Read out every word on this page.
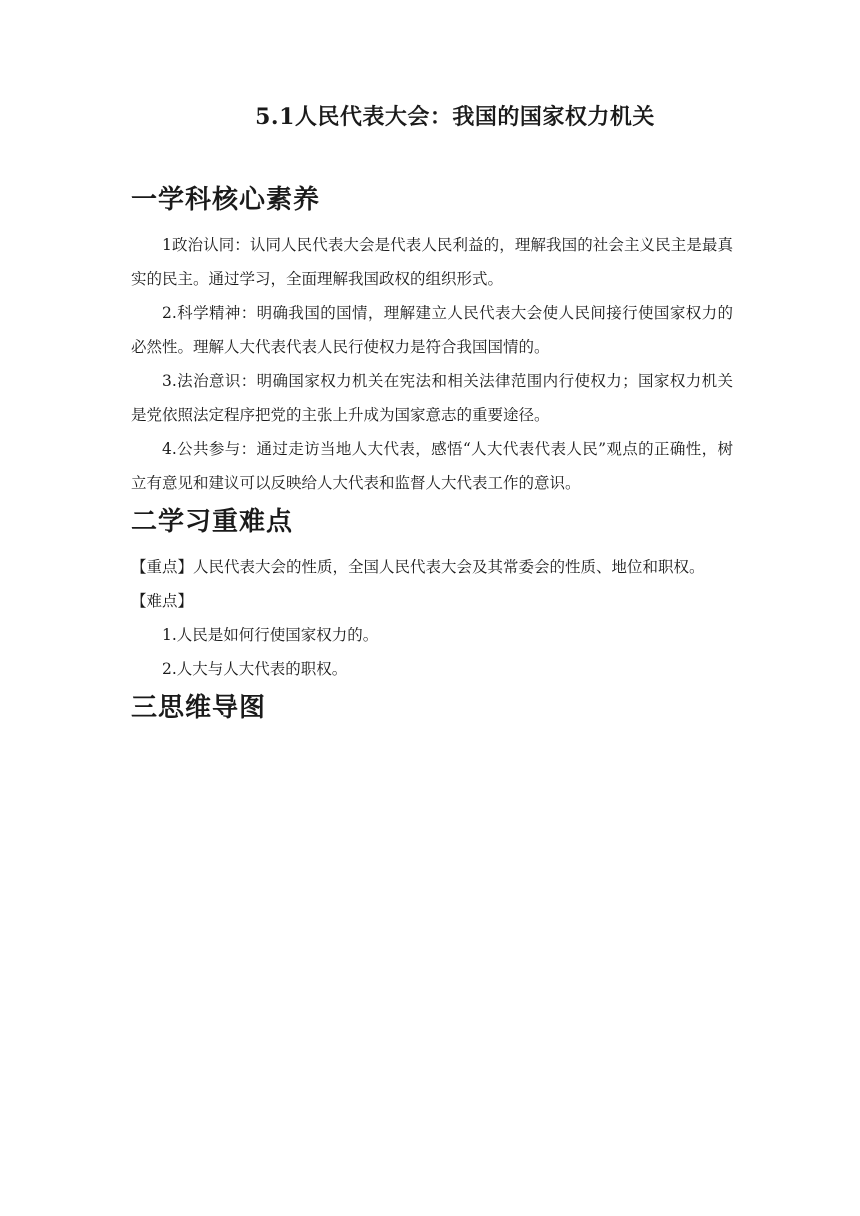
5.1人民代表大会：我国的国家权力机关
一学科核心素养

1政治认同：认同人民代表大会是代表人民利益的，理解我国的社会主义民主是最真实的民主。通过学习，全面理解我国政权的组织形式。

2.科学精神：明确我国的国情，理解建立人民代表大会使人民间接行使国家权力的必然性。理解人大代表代表人民行使权力是符合我国国情的。

3.法治意识：明确国家权力机关在宪法和相关法律范围内行使权力；国家权力机关是党依照法定程序把党的主张上升成为国家意志的重要途径。

4.公共参与：通过走访当地人大代表，感悟“人大代表代表人民”观点的正确性，树立有意见和建议可以反映给人大代表和监督人大代表工作的意识。

二学习重难点

【重点】人民代表大会的性质，全国人民代表大会及其常委会的性质、地位和职权。

【难点】

1.人民是如何行使国家权力的。

2.人大与人大代表的职权。

三思维导图
